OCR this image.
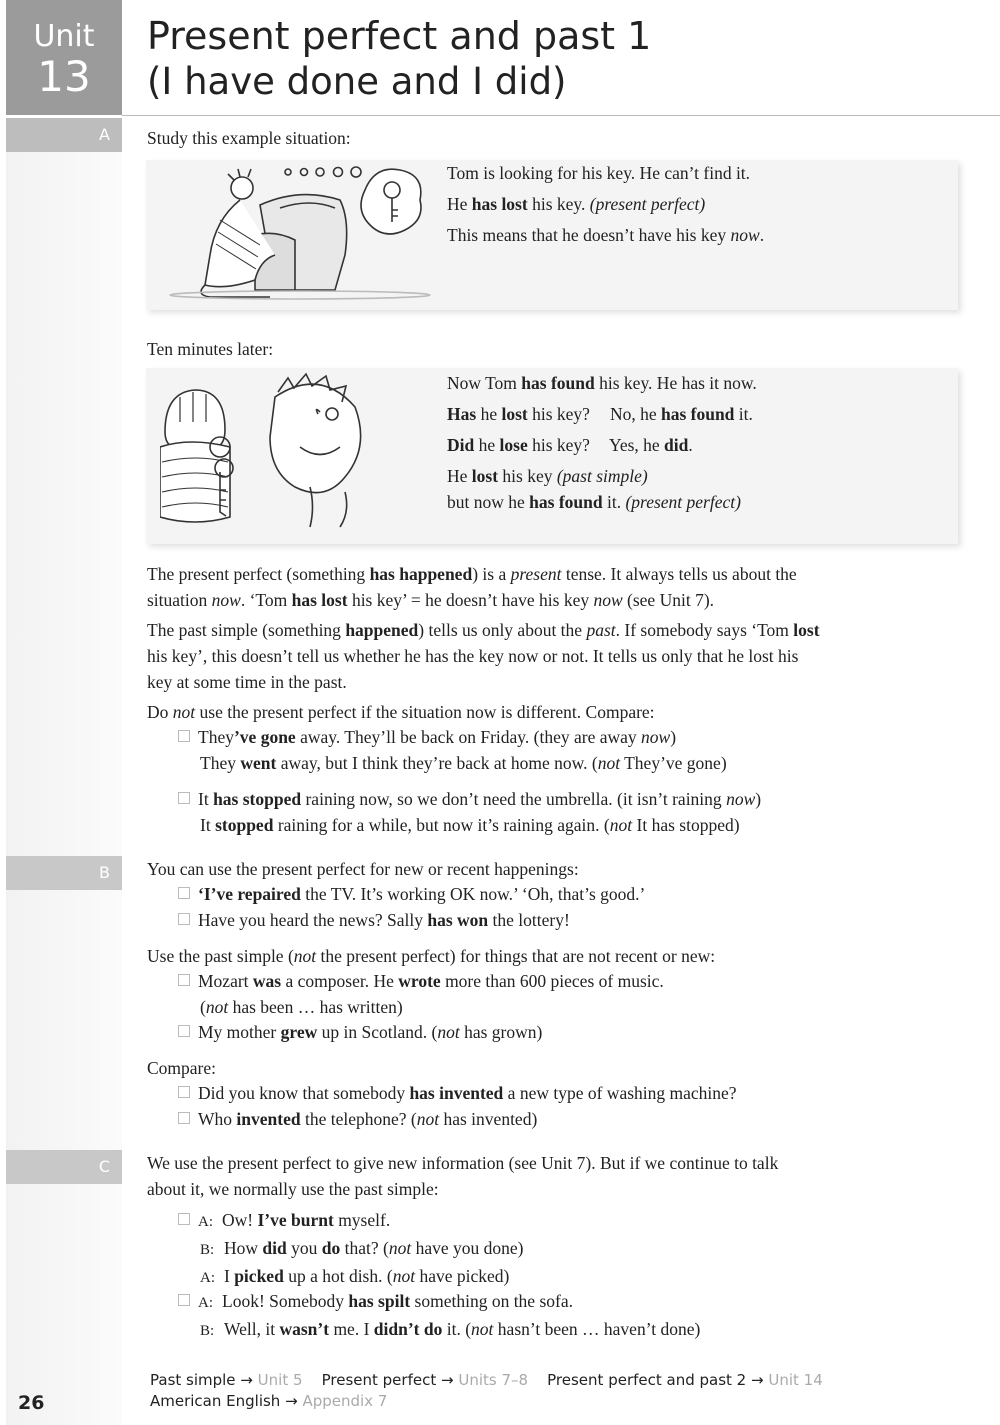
Unit
13
Present perfect and past 1
(I have done and I did)
A
B
C

Study this example situation:

Tom is looking for his key. He can’t find it.
He has lost his key. (present perfect)
This means that he doesn’t have his key now.

Ten minutes later:

Now Tom has found his key. He has it now.
Has he lost his key? No, he has found it.
Did he lose his key? Yes, he did.
He lost his key (past simple)
but now he has found it. (present perfect)
The present perfect (something has happened) is a present tense. It always tells us about the
situation now. ‘Tom has lost his key’ = he doesn’t have his key now (see Unit 7).
The past simple (something happened) tells us only about the past. If somebody says ‘Tom lost
his key’, this doesn’t tell us whether he has the key now or not. It tells us only that he lost his
key at some time in the past.
Do not use the present perfect if the situation now is different. Compare:
They’ve gone away. They’ll be back on Friday. (they are away now)
They went away, but I think they’re back at home now. (not They’ve gone)
It has stopped raining now, so we don’t need the umbrella. (it isn’t raining now)
It stopped raining for a while, but now it’s raining again. (not It has stopped)

You can use the present perfect for new or recent happenings:

‘I’ve repaired the TV. It’s working OK now.’ ‘Oh, that’s good.’
Have you heard the news? Sally has won the lottery!
Use the past simple (not the present perfect) for things that are not recent or new:
Mozart was a composer. He wrote more than 600 pieces of music.
(not has been … has written)
My mother grew up in Scotland. (not has grown)

Compare:

Did you know that somebody has invented a new type of washing machine?
Who invented the telephone? (not has invented)
We use the present perfect to give new information (see Unit 7). But if we continue to talk
about it, we normally use the past simple:
A: Ow! I’ve burnt myself.
B: How did you do that? (not have you done)
A: I picked up a hot dish. (not have picked)
A: Look! Somebody has spilt something on the sofa.
B: Well, it wasn’t me. I didn’t do it. (not hasn’t been … haven’t done)
26
Past simple → Unit 5 Present perfect → Units 7–8 Present perfect and past 2 → Unit 14
American English → Appendix 7
